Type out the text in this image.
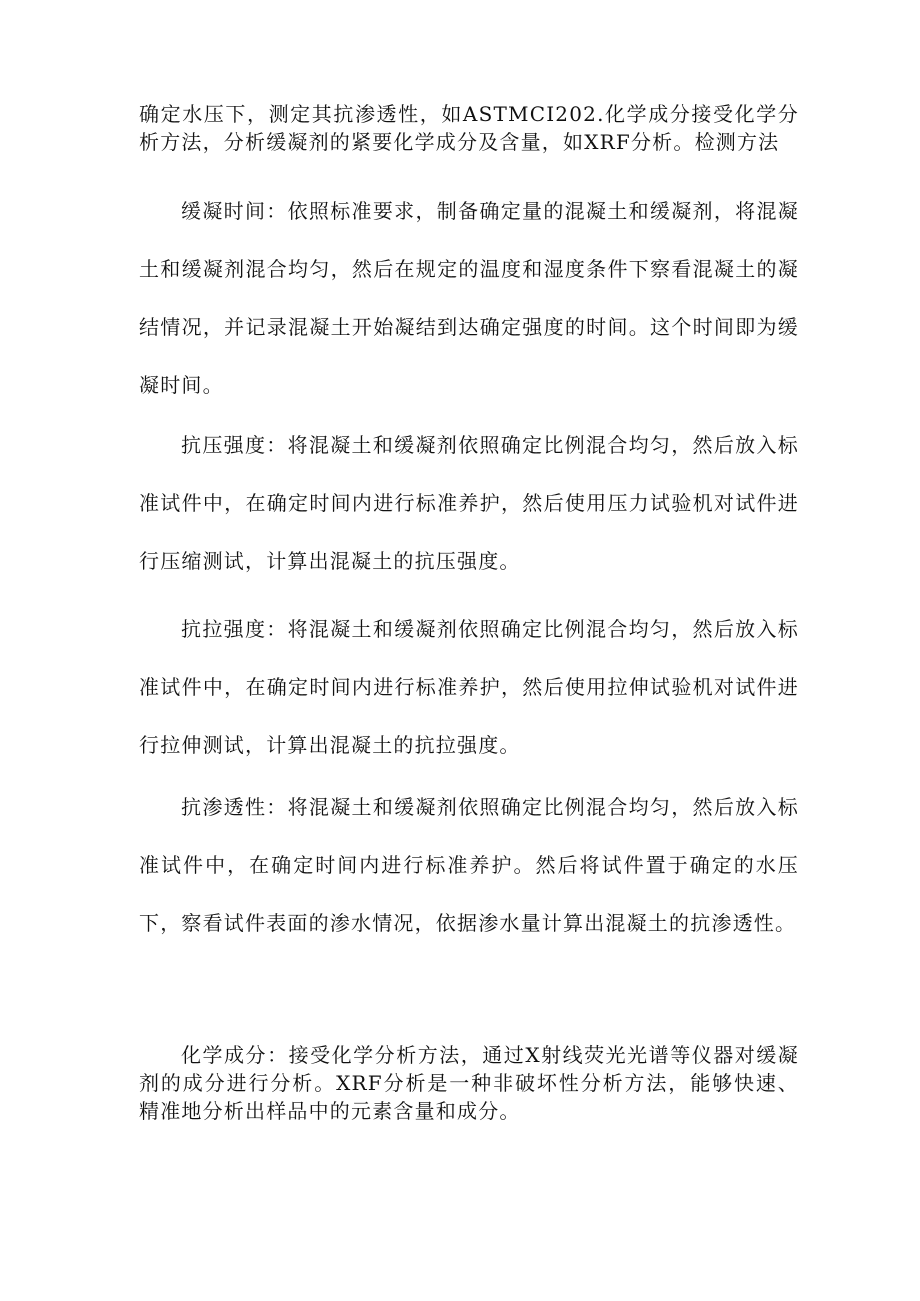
确定水压下，测定其抗渗透性，如ASTMCI202.化学成分接受化学分析方法，分析缓凝剂的紧要化学成分及含量，如XRF分析。检测方法

缓凝时间：依照标准要求，制备确定量的混凝土和缓凝剂，将混凝土和缓凝剂混合均匀，然后在规定的温度和湿度条件下察看混凝土的凝结情况，并记录混凝土开始凝结到达确定强度的时间。这个时间即为缓凝时间。

抗压强度：将混凝土和缓凝剂依照确定比例混合均匀，然后放入标准试件中，在确定时间内进行标准养护，然后使用压力试验机对试件进行压缩测试，计算出混凝土的抗压强度。

抗拉强度：将混凝土和缓凝剂依照确定比例混合均匀，然后放入标准试件中，在确定时间内进行标准养护，然后使用拉伸试验机对试件进行拉伸测试，计算出混凝土的抗拉强度。

抗渗透性：将混凝土和缓凝剂依照确定比例混合均匀，然后放入标准试件中，在确定时间内进行标准养护。然后将试件置于确定的水压下，察看试件表面的渗水情况，依据渗水量计算出混凝土的抗渗透性。

化学成分：接受化学分析方法，通过X射线荧光光谱等仪器对缓凝剂的成分进行分析。XRF分析是一种非破坏性分析方法，能够快速、精准地分析出样品中的元素含量和成分。
